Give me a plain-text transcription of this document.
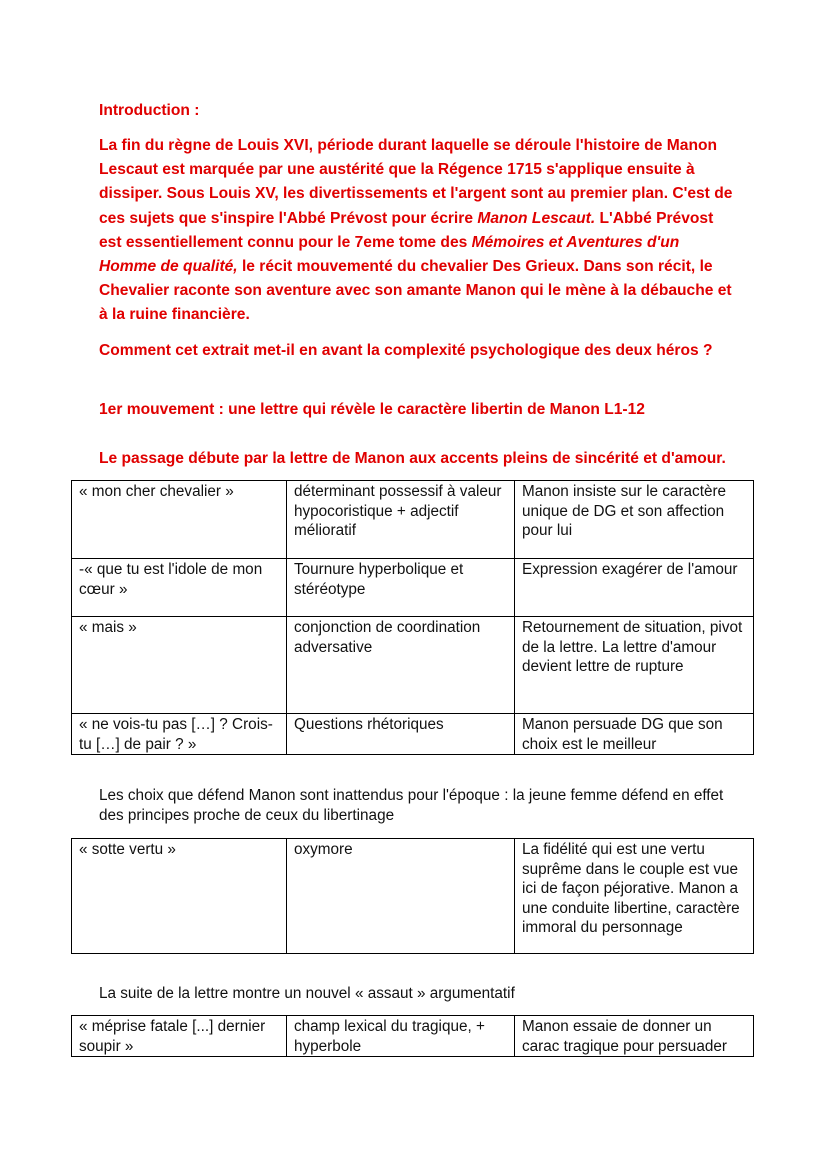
Introduction :

La fin du règne de Louis XVI, période durant laquelle se déroule l'histoire de Manon Lescaut est marquée par une austérité que la Régence 1715 s'applique ensuite à dissiper. Sous Louis XV, les divertissements et l'argent sont au premier plan. C'est de ces sujets que s'inspire l'Abbé Prévost pour écrire Manon Lescaut. L'Abbé Prévost est essentiellement connu pour le 7eme tome des Mémoires et Aventures d'un Homme de qualité, le récit mouvementé du chevalier Des Grieux. Dans son récit, le Chevalier raconte son aventure avec son amante Manon qui le mène à la débauche et à la ruine financière.

Comment cet extrait met-il en avant la complexité psychologique des deux héros ?

1er mouvement : une lettre qui révèle le caractère libertin de Manon L1-12

Le passage débute par la lettre de Manon aux accents pleins de sincérité et d'amour.

« mon cher chevalier »	déterminant possessif à valeur hypocoristique + adjectif mélioratif	Manon insiste sur le caractère unique de DG et son affection pour lui
-« que tu est l'idole de mon cœur »	Tournure hyperbolique et stéréotype	Expression exagérer de l'amour
« mais »	conjonction de coordination adversative	Retournement de situation, pivot de la lettre. La lettre d'amour devient lettre de rupture
« ne vois-tu pas […] ? Crois-tu […] de pair ? »	Questions rhétoriques	Manon persuade DG que son choix est le meilleur

Les choix que défend Manon sont inattendus pour l'époque : la jeune femme défend en effet des principes proche de ceux du libertinage

« sotte vertu »	oxymore	La fidélité qui est une vertu suprême dans le couple est vue ici de façon péjorative. Manon a une conduite libertine, caractère immoral du personnage

La suite de la lettre montre un nouvel « assaut » argumentatif

« méprise fatale [...] dernier soupir »	champ lexical du tragique, + hyperbole	Manon essaie de donner un carac tragique pour persuader
